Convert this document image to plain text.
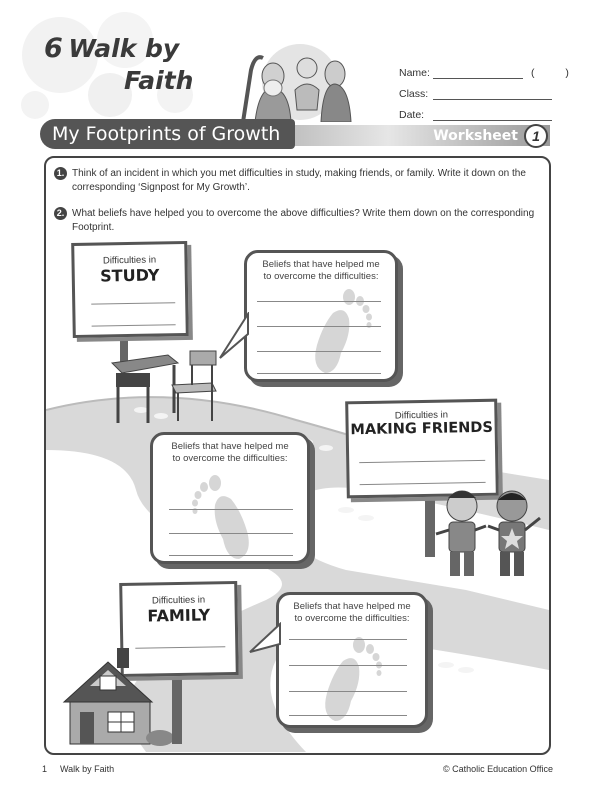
6 Walk by
Faith	Name:	( )
Class:
Date:
My Footprints of Growth	Worksheet	1
1. Think of an incident in which you met difficulties in study, making friends, or family. Write it down on the corresponding ‘Signpost for My Growth’.
2. What beliefs have helped you to overcome the above difficulties? Write them down on the corresponding Footprint.
Difficulties in
STUDY
Beliefs that have helped me to overcome the difficulties:
Difficulties in
MAKING FRIENDS
Beliefs that have helped me to overcome the difficulties:
Difficulties in
FAMILY	Beliefs that have helped me to overcome the difficulties:
1 Walk by Faith	© Catholic Education Office
